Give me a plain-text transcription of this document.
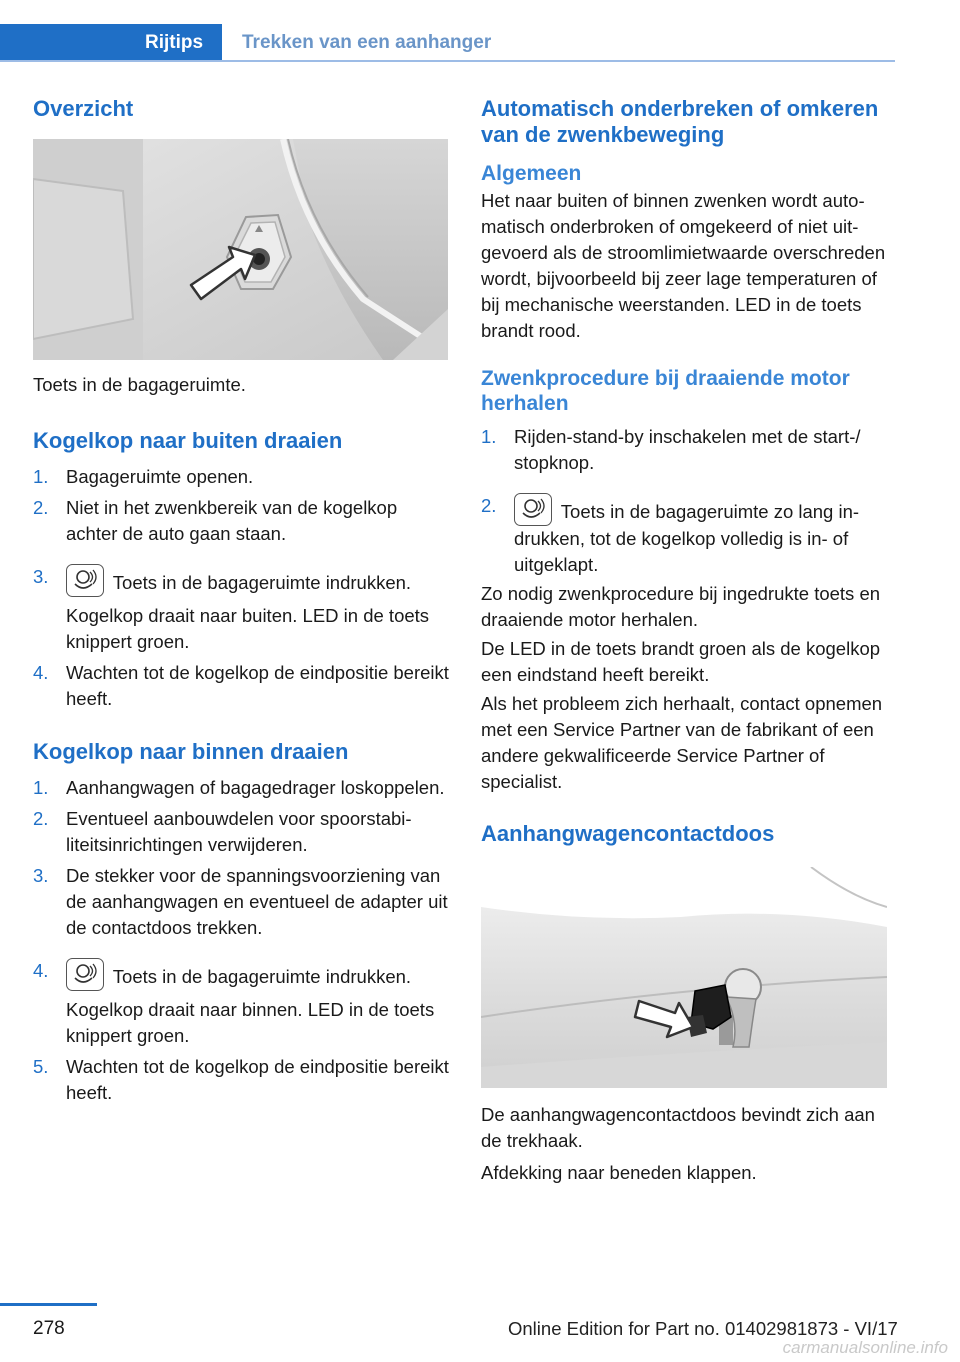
Rijtips	Trekken van een aanhanger
Overzicht

Toets in de bagageruimte.

Kogelkop naar buiten draaien
1. Bagageruimte openen.
2. Niet in het zwenkbereik van de kogelkop achter de auto gaan staan.
3.	Toets in de bagageruimte indrukken.
Kogelkop draait naar buiten. LED in de toets knippert groen.
4. Wachten tot de kogelkop de eindpositie bereikt heeft.
Kogelkop naar binnen draaien
1. Aanhangwagen of bagagedrager loskoppelen.
2. Eventueel aanbouwdelen voor spoorstabiliteitsinrichtingen verwijderen.
3. De stekker voor de spanningsvoorziening van de aanhangwagen en eventueel de adapter uit de contactdoos trekken.
4.	Toets in de bagageruimte indrukken.
Kogelkop draait naar binnen. LED in de toets knippert groen.
5. Wachten tot de kogelkop de eindpositie bereikt heeft.
Automatisch onderbreken of omkeren van de zwenkbeweging
Algemeen

Het naar buiten of binnen zwenken wordt automatisch onderbroken of omgekeerd of niet uitgevoerd als de stroomlimietwaarde overschreden wordt, bijvoorbeeld bij zeer lage temperaturen of bij mechanische weerstanden. LED in de toets brandt rood.

Zwenkprocedure bij draaiende motor herhalen
1. Rijden-stand-by inschakelen met de start-/ stopknop.
2.	Toets in de bagageruimte zo lang indrukken, tot de kogelkop volledig is in- of uitgeklapt.

Zo nodig zwenkprocedure bij ingedrukte toets en draaiende motor herhalen.

De LED in de toets brandt groen als de kogelkop een eindstand heeft bereikt.

Als het probleem zich herhaalt, contact opnemen met een Service Partner van de fabrikant of een andere gekwalificeerde Service Partner of specialist.

Aanhangwagencontactdoos

De aanhangwagencontactdoos bevindt zich aan de trekhaak.

Afdekking naar beneden klappen.

278	Online Edition for Part no. 01402981873 - VI/17
carmanualsonline.info
